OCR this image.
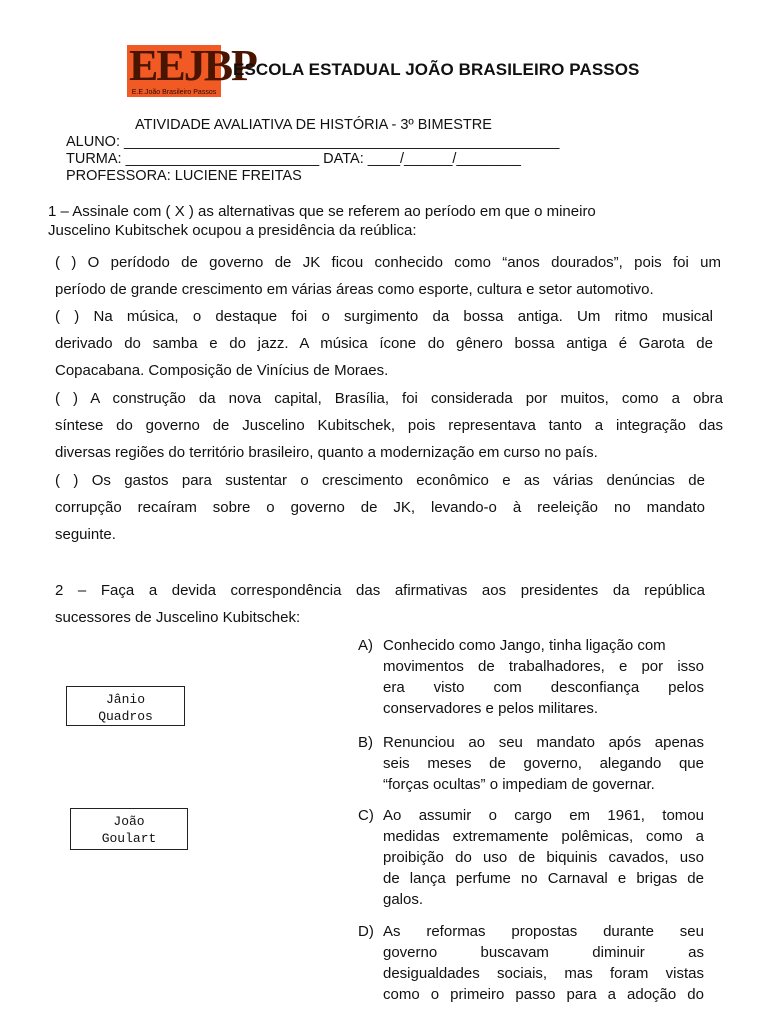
EEJBP
E.E.João Brasileiro Passos
ESCOLA ESTADUAL JOÃO BRASILEIRO PASSOS
ATIVIDADE AVALIATIVA DE HISTÓRIA - 3º BIMESTRE
ALUNO: ______________________________________________________
TURMA: ________________________ DATA: ____/______/________
PROFESSORA: LUCIENE FREITAS
1 – Assinale com ( X ) as alternativas que se referem ao período em que o mineiro
Juscelino Kubitschek ocupou a presidência da reública:
( ) O perídodo de governo de JK ficou conhecido como “anos dourados”, pois foi um
período de grande crescimento em várias áreas como esporte, cultura e setor automotivo.
( ) Na música, o destaque foi o surgimento da bossa antiga. Um ritmo musical
derivado do samba e do jazz. A música ícone do gênero bossa antiga é Garota de
Copacabana. Composição de Vinícius de Moraes.
( ) A construção da nova capital, Brasília, foi considerada por muitos, como a obra
síntese do governo de Juscelino Kubitschek, pois representava tanto a integração das
diversas regiões do território brasileiro, quanto a modernização em curso no país.
( ) Os gastos para sustentar o crescimento econômico e as várias denúncias de
corrupção recaíram sobre o governo de JK, levando-o à reeleição no mandato
seguinte.
2 – Faça a devida correspondência das afirmativas aos presidentes da república
sucessores de Juscelino Kubitschek:
Jânio
Quadros
João
Goulart
A) Conhecido como Jango, tinha ligação com
movimentos de trabalhadores, e por isso
era visto com desconfiança pelos
conservadores e pelos militares.
B) Renunciou ao seu mandato após apenas
seis meses de governo, alegando que
“forças ocultas” o impediam de governar.
C) Ao assumir o cargo em 1961, tomou
medidas extremamente polêmicas, como a
proibição do uso de biquinis cavados, uso
de lança perfume no Carnaval e brigas de
galos.
D) As reformas propostas durante seu
governo buscavam diminuir as
desigualdades sociais, mas foram vistas
como o primeiro passo para a adoção do
